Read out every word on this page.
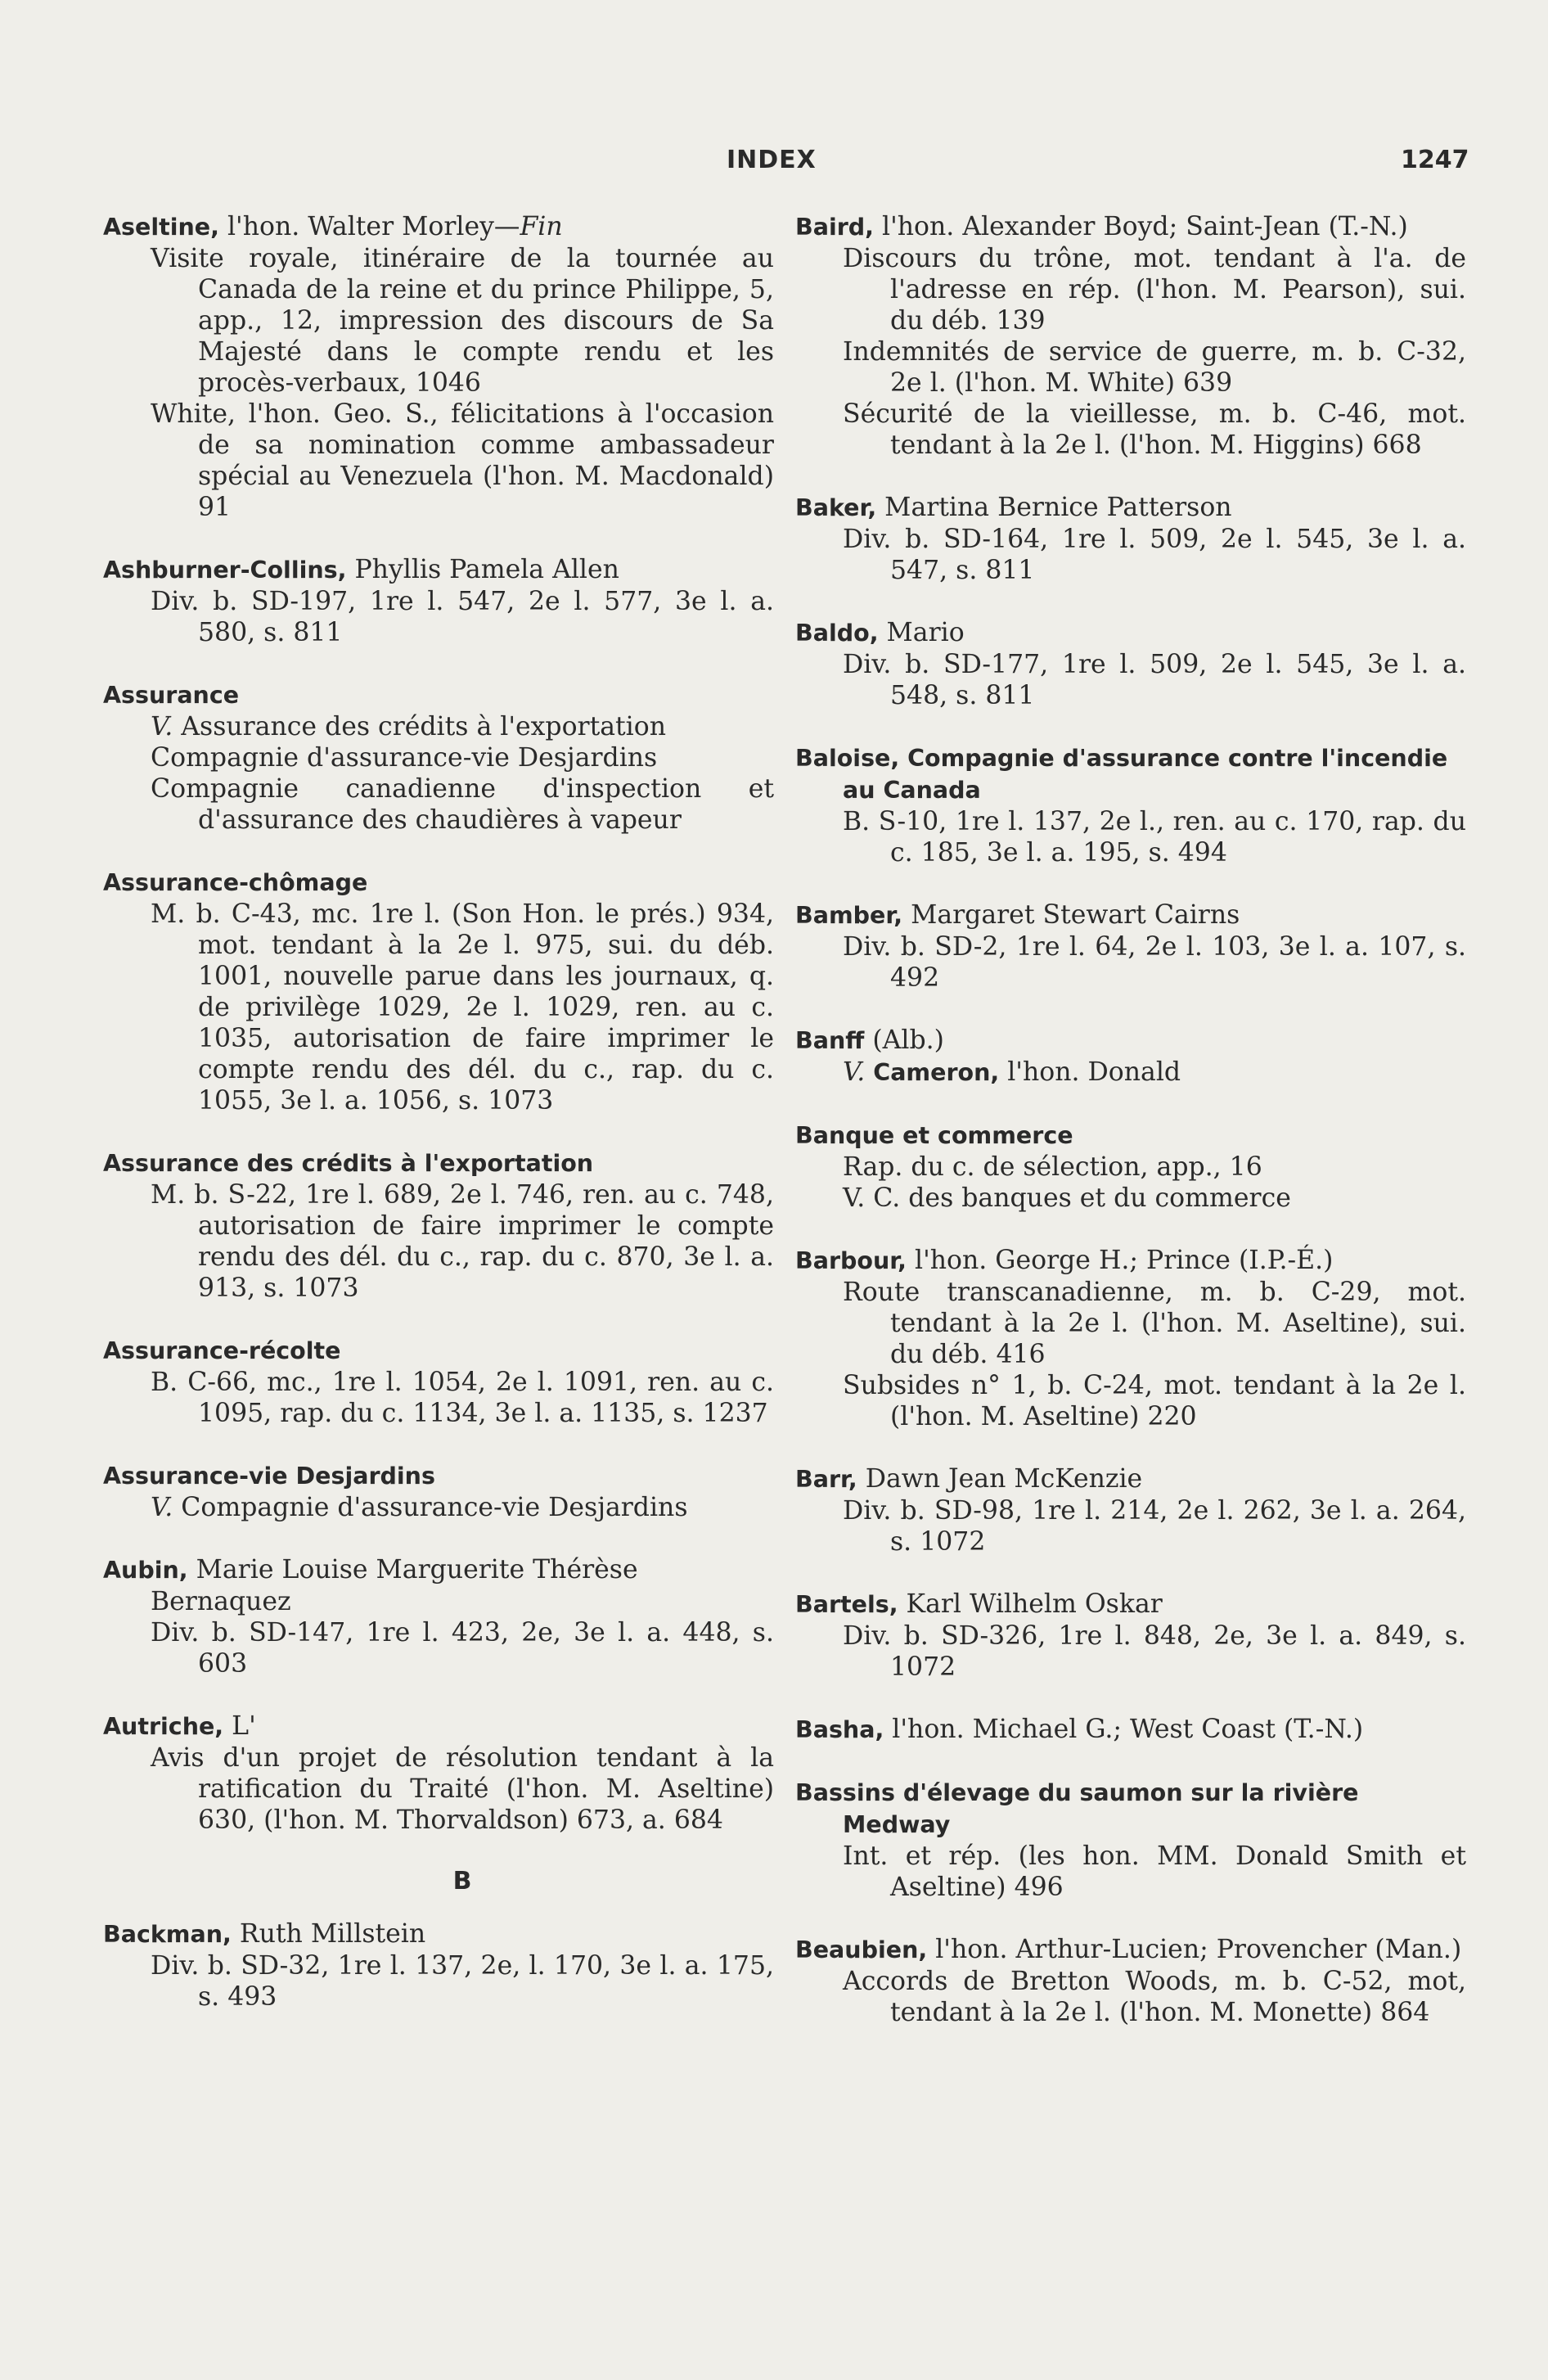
INDEX	1247
Aseltine, l'hon. Walter Morley—Fin
Visite royale, itinéraire de la tournée au Canada de la reine et du prince Philippe, 5, app., 12, impression des discours de Sa Majesté dans le compte rendu et les procès-verbaux, 1046
White, l'hon. Geo. S., félicitations à l'occasion de sa nomination comme ambassadeur spécial au Venezuela (l'hon. M. Macdonald) 91
Ashburner-Collins, Phyllis Pamela Allen
Div. b. SD-197, 1re l. 547, 2e l. 577, 3e l. a. 580, s. 811
Assurance
V. Assurance des crédits à l'exportation
Compagnie d'assurance-vie Desjardins
Compagnie canadienne d'inspection et d'assurance des chaudières à vapeur
Assurance-chômage
M. b. C-43, mc. 1re l. (Son Hon. le prés.) 934, mot. tendant à la 2e l. 975, sui. du déb. 1001, nouvelle parue dans les journaux, q. de privilège 1029, 2e l. 1029, ren. au c. 1035, autorisation de faire imprimer le compte rendu des dél. du c., rap. du c. 1055, 3e l. a. 1056, s. 1073
Assurance des crédits à l'exportation
M. b. S-22, 1re l. 689, 2e l. 746, ren. au c. 748, autorisation de faire imprimer le compte rendu des dél. du c., rap. du c. 870, 3e l. a. 913, s. 1073
Assurance-récolte
B. C-66, mc., 1re l. 1054, 2e l. 1091, ren. au c. 1095, rap. du c. 1134, 3e l. a. 1135, s. 1237
Assurance-vie Desjardins
V. Compagnie d'assurance-vie Desjardins
Aubin, Marie Louise Marguerite Thérèse Bernaquez
Div. b. SD-147, 1re l. 423, 2e, 3e l. a. 448, s. 603
Autriche, L'
Avis d'un projet de résolution tendant à la ratification du Traité (l'hon. M. Aseltine) 630, (l'hon. M. Thorvaldson) 673, a. 684
B
Backman, Ruth Millstein
Div. b. SD-32, 1re l. 137, 2e, l. 170, 3e l. a. 175, s. 493
Baird, l'hon. Alexander Boyd; Saint-Jean (T.-N.)
Discours du trône, mot. tendant à l'a. de l'adresse en rép. (l'hon. M. Pearson), sui. du déb. 139
Indemnités de service de guerre, m. b. C-32, 2e l. (l'hon. M. White) 639
Sécurité de la vieillesse, m. b. C-46, mot. tendant à la 2e l. (l'hon. M. Higgins) 668
Baker, Martina Bernice Patterson
Div. b. SD-164, 1re l. 509, 2e l. 545, 3e l. a. 547, s. 811
Baldo, Mario
Div. b. SD-177, 1re l. 509, 2e l. 545, 3e l. a. 548, s. 811
Baloise, Compagnie d'assurance contre l'incendie au Canada
B. S-10, 1re l. 137, 2e l., ren. au c. 170, rap. du c. 185, 3e l. a. 195, s. 494
Bamber, Margaret Stewart Cairns
Div. b. SD-2, 1re l. 64, 2e l. 103, 3e l. a. 107, s. 492
Banff (Alb.)
V. Cameron, l'hon. Donald
Banque et commerce
Rap. du c. de sélection, app., 16
V. C. des banques et du commerce
Barbour, l'hon. George H.; Prince (I.P.-É.)
Route transcanadienne, m. b. C-29, mot. tendant à la 2e l. (l'hon. M. Aseltine), sui. du déb. 416
Subsides n° 1, b. C-24, mot. tendant à la 2e l. (l'hon. M. Aseltine) 220
Barr, Dawn Jean McKenzie
Div. b. SD-98, 1re l. 214, 2e l. 262, 3e l. a. 264, s. 1072
Bartels, Karl Wilhelm Oskar
Div. b. SD-326, 1re l. 848, 2e, 3e l. a. 849, s. 1072
Basha, l'hon. Michael G.; West Coast (T.-N.)
Bassins d'élevage du saumon sur la rivière Medway
Int. et rép. (les hon. MM. Donald Smith et Aseltine) 496
Beaubien, l'hon. Arthur-Lucien; Provencher (Man.)
Accords de Bretton Woods, m. b. C-52, mot, tendant à la 2e l. (l'hon. M. Monette) 864
